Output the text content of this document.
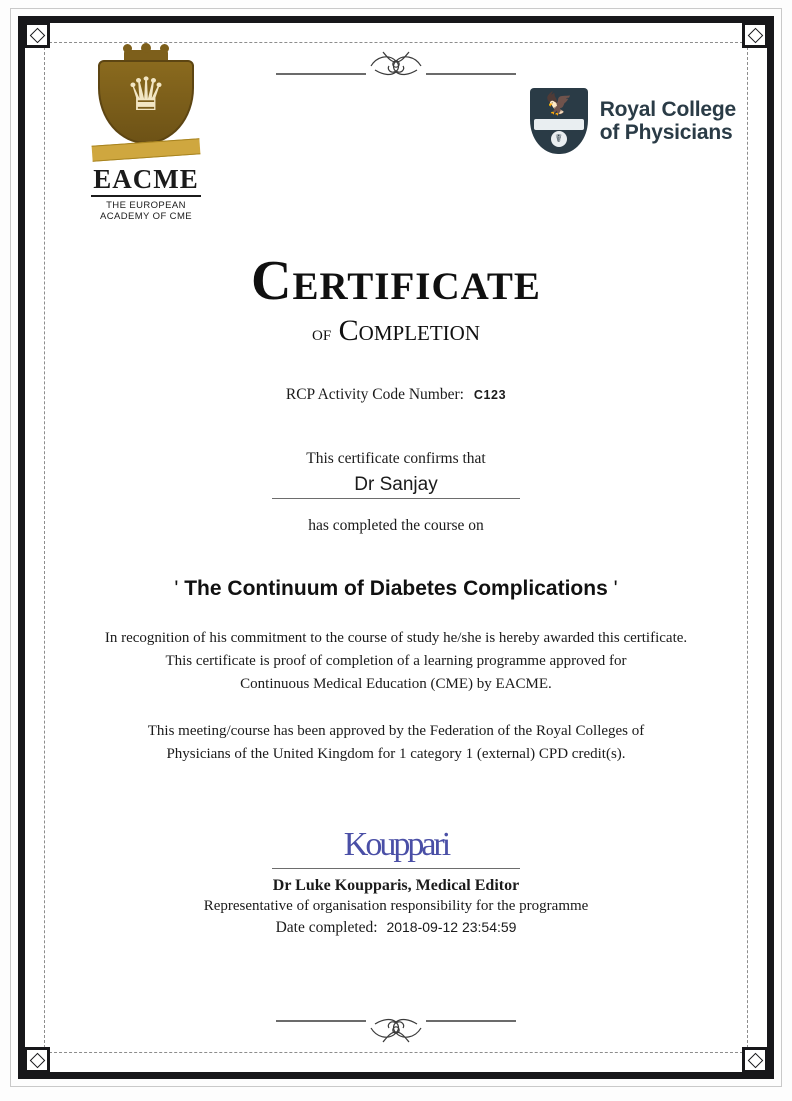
♛
EACME
THE EUROPEAN
ACADEMY OF CME
🦅
☤
Royal College
of Physicians
Certificate
of Completion
RCP Activity Code Number: C123
This certificate confirms that
Dr Sanjay
has completed the course on
' The Continuum of Diabetes Complications '
In recognition of his commitment to the course of study he/she is hereby awarded this certificate.
This certificate is proof of completion of a learning programme approved for
Continuous Medical Education (CME) by EACME.
This meeting/course has been approved by the Federation of the Royal Colleges of
Physicians of the United Kingdom for 1 category 1 (external) CPD credit(s).
Kouppari
Dr Luke Koupparis, Medical Editor
Representative of organisation responsibility for the programme
Date completed: 2018-09-12 23:54:59
